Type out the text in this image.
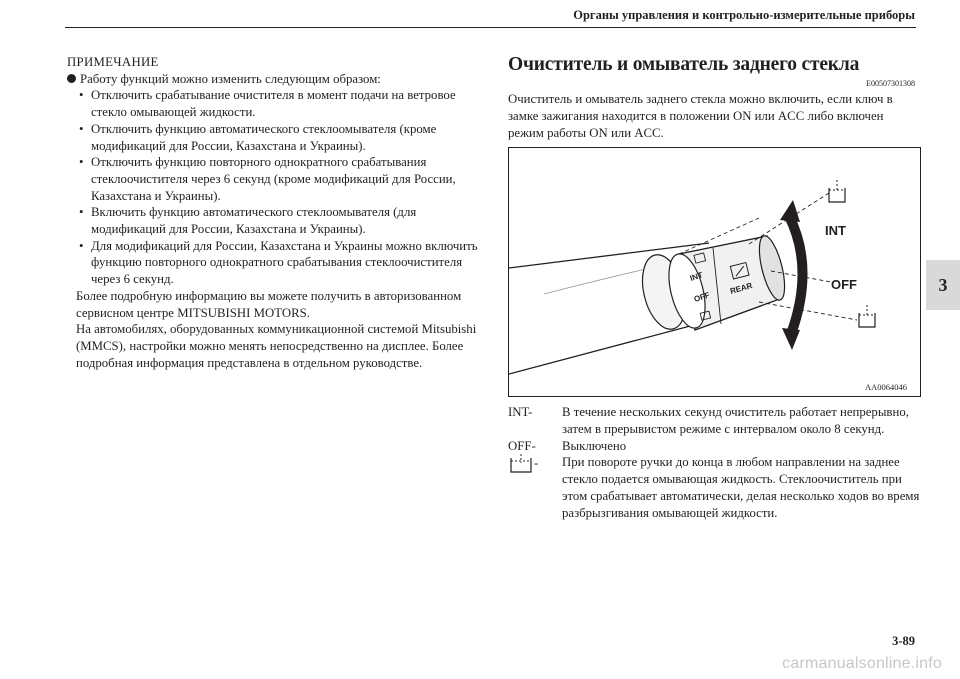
Органы управления и контрольно-измерительные приборы
3
ПРИМЕЧАНИЕ
Работу функций можно изменить следующим образом:
• Отключить срабатывание очистителя в момент подачи на ветровое стекло омывающей жидкости.
• Отключить функцию автоматического стеклоомывателя (кроме модификаций для России, Казахстана и Украины).
• Отключить функцию повторного однократного срабатывания стеклоочистителя через 6 секунд (кроме модификаций для России, Казахстана и Украины).
• Включить функцию автоматического стеклоомывателя (для модификаций для России, Казахстана и Украины).
• Для модификаций для России, Казахстана и Украины можно включить функцию повторного однократного срабатывания стеклоочистителя через 6 секунд.

Более подробную информацию вы можете получить в авторизованном сервисном центре MITSUBISHI MOTORS.

На автомобилях, оборудованных коммуникационной системой Mitsubishi (MMCS), настройки можно менять непосредственно на дисплее. Более подробная информация представлена в отдельном руководстве.

Очиститель и омыватель заднего стекла
E00507301308
Очиститель и омыватель заднего стекла можно включить, если ключ в замке зажигания находится в положении ON или ACC либо включен режим работы ON или ACC.
INT
OFF
REAR
INT
OFF
AA0064046
INT- В течение нескольких секунд очиститель работает непрерывно, затем в прерывистом режиме с интервалом около 8 секунд.
OFF- Выключено
- При повороте ручки до конца в любом направлении на заднее стекло подается омывающая жидкость. Стеклоочиститель при этом срабатывает автоматически, делая несколько ходов во время разбрызгивания омывающей жидкости.
3-89
carmanualsonline.info
